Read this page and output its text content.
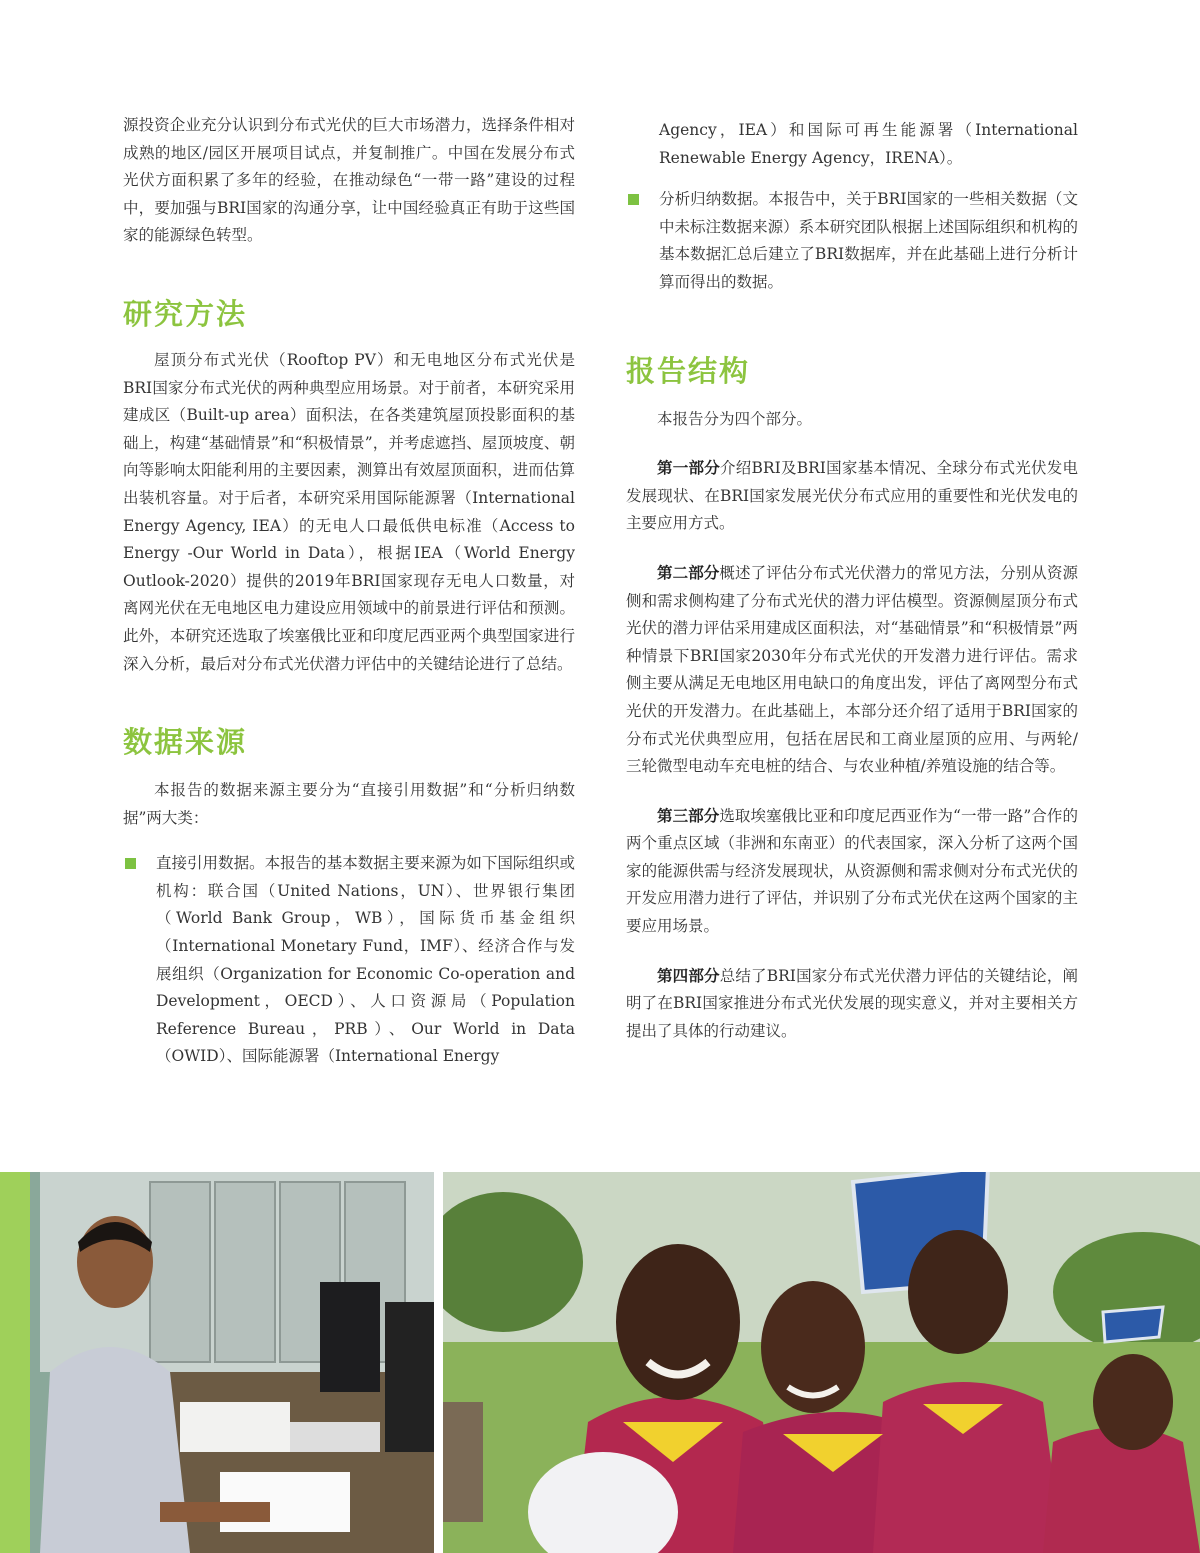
源投资企业充分认识到分布式光伏的巨大市场潜力，选择条件相对成熟的地区/园区开展项目试点，并复制推广。中国在发展分布式光伏方面积累了多年的经验，在推动绿色“一带一路”建设的过程中，要加强与BRI国家的沟通分享，让中国经验真正有助于这些国家的能源绿色转型。

研究方法

屋顶分布式光伏（Rooftop PV）和无电地区分布式光伏是BRI国家分布式光伏的两种典型应用场景。对于前者，本研究采用建成区（Built-up area）面积法，在各类建筑屋顶投影面积的基础上，构建“基础情景”和“积极情景”，并考虑遮挡、屋顶坡度、朝向等影响太阳能利用的主要因素，测算出有效屋顶面积，进而估算出装机容量。对于后者，本研究采用国际能源署（International Energy Agency, IEA）的无电人口最低供电标准（Access to Energy -Our World in Data），根据IEA（World Energy Outlook-2020）提供的2019年BRI国家现存无电人口数量，对离网光伏在无电地区电力建设应用领域中的前景进行评估和预测。此外，本研究还选取了埃塞俄比亚和印度尼西亚两个典型国家进行深入分析，最后对分布式光伏潜力评估中的关键结论进行了总结。

数据来源

本报告的数据来源主要分为“直接引用数据”和“分析归纳数据”两大类：

直接引用数据。本报告的基本数据主要来源为如下国际组织或机构：联合国（United Nations，UN）、世界银行集团（World Bank Group，WB），国际货币基金组织（International Monetary Fund，IMF）、经济合作与发展组织（Organization for Economic Co-operation and Development，OECD）、人口资源局（Population Reference Bureau，PRB）、Our World in Data（OWID）、国际能源署（International Energy

Agency，IEA）和国际可再生能源署（International Renewable Energy Agency，IRENA）。

分析归纳数据。本报告中，关于BRI国家的一些相关数据（文中未标注数据来源）系本研究团队根据上述国际组织和机构的基本数据汇总后建立了BRI数据库，并在此基础上进行分析计算而得出的数据。

报告结构

本报告分为四个部分。

第一部分介绍BRI及BRI国家基本情况、全球分布式光伏发电发展现状、在BRI国家发展光伏分布式应用的重要性和光伏发电的主要应用方式。

第二部分概述了评估分布式光伏潜力的常见方法，分别从资源侧和需求侧构建了分布式光伏的潜力评估模型。资源侧屋顶分布式光伏的潜力评估采用建成区面积法，对“基础情景”和“积极情景”两种情景下BRI国家2030年分布式光伏的开发潜力进行评估。需求侧主要从满足无电地区用电缺口的角度出发，评估了离网型分布式光伏的开发潜力。在此基础上，本部分还介绍了适用于BRI国家的分布式光伏典型应用，包括在居民和工商业屋顶的应用、与两轮/三轮微型电动车充电桩的结合、与农业种植/养殖设施的结合等。

第三部分选取埃塞俄比亚和印度尼西亚作为“一带一路”合作的两个重点区域（非洲和东南亚）的代表国家，深入分析了这两个国家的能源供需与经济发展现状，从资源侧和需求侧对分布式光伏的开发应用潜力进行了评估，并识别了分布式光伏在这两个国家的主要应用场景。

第四部分总结了BRI国家分布式光伏潜力评估的关键结论，阐明了在BRI国家推进分布式光伏发展的现实意义，并对主要相关方提出了具体的行动建议。
